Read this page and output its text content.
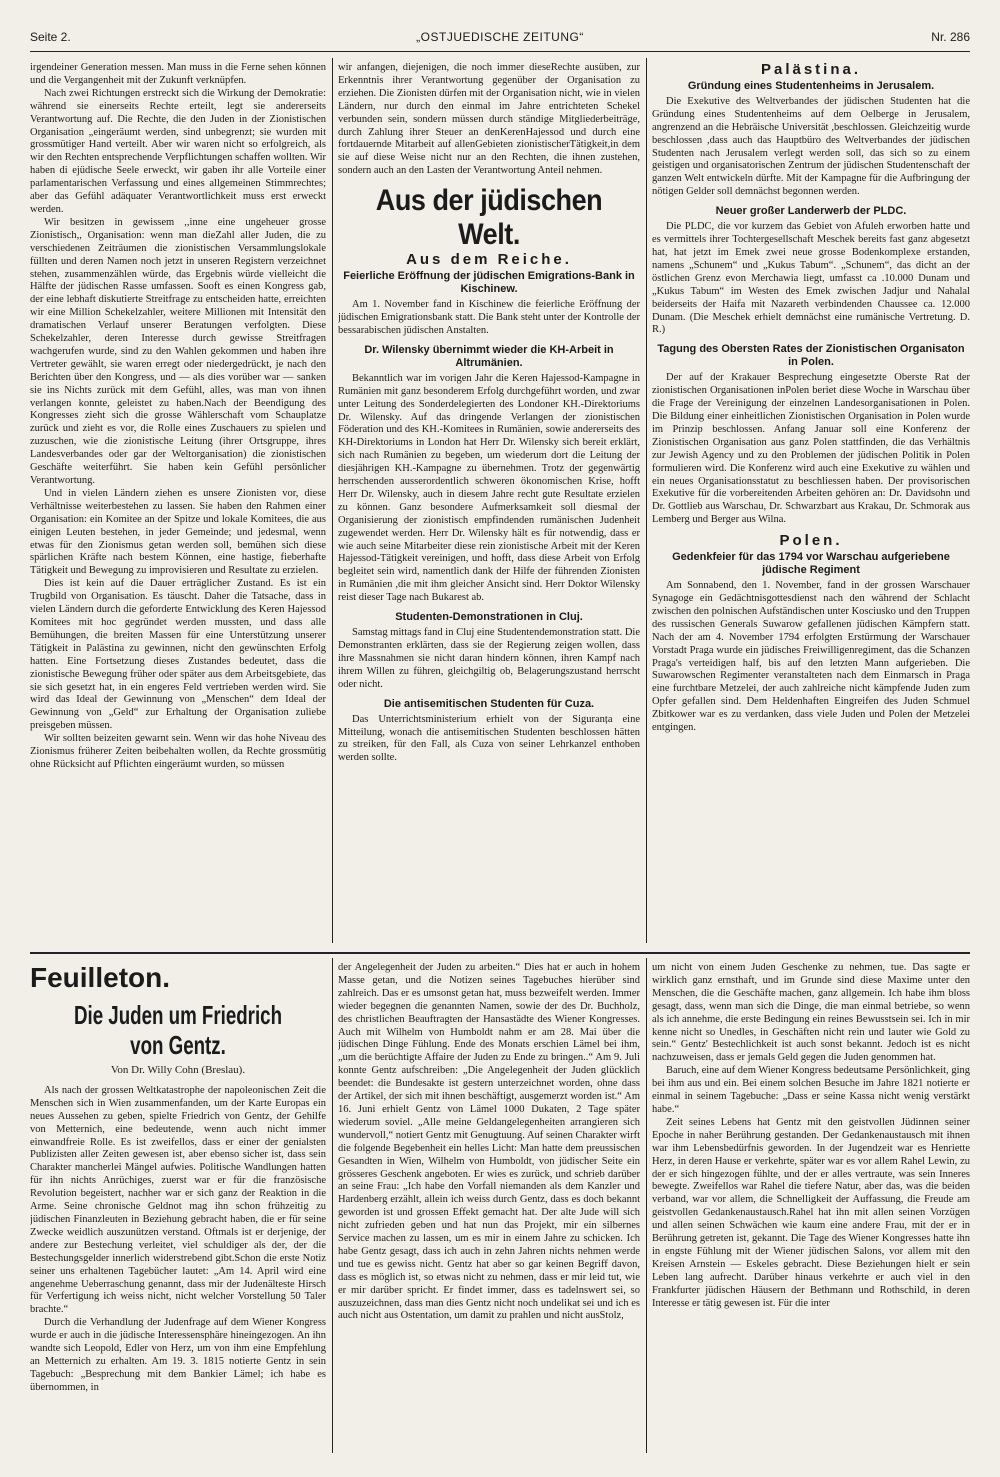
Seite 2.	„OSTJUEDISCHE ZEITUNG“	Nr. 286

irgendeiner Generation messen. Man muss in die Ferne sehen können und die Vergangenheit mit der Zukunft verknüpfen.

Nach zwei Richtungen erstreckt sich die Wirkung der Demokratie: während sie einerseits Rechte erteilt, legt sie andererseits Verantwortung auf. Die Rechte, die den Juden in der Zionistischen Organisation „eingeräumt werden, sind unbegrenzt; sie wurden mit grossmütiger Hand verteilt. Aber wir waren nicht so erfolgreich, als wir den Rechten entsprechende Verpflichtungen schaffen wollten. Wir haben di ejüdische Seele erweckt, wir gaben ihr alle Vorteile einer parlamentarischen Verfassung und eines allgemeinen Stimmrechtes; aber das Gefühl adäquater Verantwortlichkeit muss erst erweckt werden.

Wir besitzen in gewissem ,,inne eine ungeheuer grosse Zionistisch,, Organisation: wenn man dieZahl aller Juden, die zu verschiedenen Zeiträumen die zionistischen Versammlungslokale füllten und deren Namen noch jetzt in unseren Registern verzeichnet stehen, zusammenzählen würde, das Ergebnis würde vielleicht die Hälfte der jüdischen Rasse umfassen. Sooft es einen Kongress gab, der eine lebhaft diskutierte Streitfrage zu entscheiden hatte, erreichten wir eine Million Schekelzahler, weitere Millionen mit Intensität den dramatischen Verlauf unserer Beratungen verfolgten. Diese Schekelzahler, deren Interesse durch gewisse Streitfragen wachgerufen wurde, sind zu den Wahlen gekommen und haben ihre Vertreter gewählt, sie waren erregt oder niedergedrückt, je nach den Berichten über den Kongress, und — als dies vorüber war — sanken sie ins Nichts zurück mit dem Gefühl, alles, was man von ihnen verlangen konnte, geleistet zu haben.Nach der Beendigung des Kongresses zieht sich die grosse Wählerschaft vom Schauplatze zurück und zieht es vor, die Rolle eines Zuschauers zu spielen und zuzuschen, wie die zionistische Leitung (ihrer Ortsgruppe, ihres Landesverbandes oder gar der Weltorganisation) die zionistischen Geschäfte weiterführt. Sie haben kein Gefühl persönlicher Verantwortung.

Und in vielen Ländern ziehen es unsere Zionisten vor, diese Verhältnisse weiterbestehen zu lassen. Sie haben den Rahmen einer Organisation: ein Komitee an der Spitze und lokale Komitees, die aus einigen Leuten bestehen, in jeder Gemeinde; und jedesmal, wenn etwas für den Zionismus getan werden soll, bemühen sich diese spärlichen Kräfte nach bestem Können, eine hastige, fieberhafte Tätigkeit und Bewegung zu improvisieren und Resultate zu erzielen.

Dies ist kein auf die Dauer erträglicher Zustand. Es ist ein Trugbild von Organisation. Es täuscht. Daher die Tatsache, dass in vielen Ländern durch die geforderte Entwicklung des Keren Hajessod Komitees mit hoc gegründet werden mussten, und dass alle Bemühungen, die breiten Massen für eine Unterstützung unserer Tätigkeit in Palästina zu gewinnen, nicht den gewünschten Erfolg hatten. Eine Fortsetzung dieses Zustandes bedeutet, dass die zionistische Bewegung früher oder später aus dem Arbeitsgebiete, das sie sich gesetzt hat, in ein engeres Feld vertrieben werden wird. Sie wird das Ideal der Gewinnung von „Menschen“ dem Ideal der Gewinnung von „Geld“ zur Erhaltung der Organisation zuliebe preisgeben müssen.

Wir sollten beizeiten gewarnt sein. Wenn wir das hohe Niveau des Zionismus früherer Zeiten beibehalten wollen, da Rechte grossmütig ohne Rücksicht auf Pflichten eingeräumt wurden, so müssen

wir anfangen, diejenigen, die noch immer dieseRechte ausüben, zur Erkenntnis ihrer Verantwortung gegenüber der Organisation zu erziehen. Die Zionisten dürfen mit der Organisation nicht, wie in vielen Ländern, nur durch den einmal im Jahre entrichteten Schekel verbunden sein, sondern müssen durch ständige Mitgliederbeiträge, durch Zahlung ihrer Steuer an denKerenHajessod und durch eine fortdauernde Mitarbeit auf allenGebieten zionistischerTätigkeit,in dem sie auf diese Weise nicht nur an den Rechten, die ihnen zustehen, sondern auch an den Lasten der Verantwortung Anteil nehmen.

Aus der jüdischen Welt.
Aus dem Reiche.
Feierliche Eröffnung der jüdischen Emigrations-Bank in Kischinew.

Am 1. November fand in Kischinew die feierliche Eröffnung der jüdischen Emigrationsbank statt. Die Bank steht unter der Kontrolle der bessarabischen jüdischen Anstalten.

Dr. Wilensky übernimmt wieder die KH-Arbeit in Altrumänien.

Bekanntlich war im vorigen Jahr die Keren Hajessod-Kampagne in Rumänien mit ganz besonderem Erfolg durchgeführt worden, und zwar unter Leitung des Sonderdelegierten des Londoner KH.-Direktoriums Dr. Wilensky. Auf das dringende Verlangen der zionistischen Föderation und des KH.-Komitees in Rumänien, sowie andererseits des KH-Direktoriums in London hat Herr Dr. Wilensky sich bereit erklärt, sich nach Rumänien zu begeben, um wiederum dort die Leitung der diesjährigen KH.-Kampagne zu übernehmen. Trotz der gegenwärtig herrschenden ausserordentlich schweren ökonomischen Krise, hofft Herr Dr. Wilensky, auch in diesem Jahre recht gute Resultate erzielen zu können. Ganz besondere Aufmerksamkeit soll diesmal der Organisierung der zionistisch empfindenden rumänischen Judenheit zugewendet werden. Herr Dr. Wilensky hält es für notwendig, dass er wie auch seine Mitarbeiter diese rein zionistische Arbeit mit der Keren Hajessod-Tätigkeit vereinigen, und hofft, dass diese Arbeit von Erfolg begleitet sein wird, namentlich dank der Hilfe der führenden Zionisten in Rumänien ,die mit ihm gleicher Ansicht sind. Herr Doktor Wilensky reist dieser Tage nach Bukarest ab.

Studenten-Demonstrationen in Cluj.

Samstag mittags fand in Cluj eine Studentendemonstration statt. Die Demonstranten erklärten, dass sie der Regierung zeigen wollen, dass ihre Massnahmen sie nicht daran hindern können, ihren Kampf nach ihrem Willen zu führen, gleichgiltig ob, Belagerungszustand herrscht oder nicht.

Die antisemitischen Studenten für Cuza.

Das Unterrichtsministerium erhielt von der Siguranța eine Mitteilung, wonach die antisemitischen Studenten beschlossen hätten zu streiken, für den Fall, als Cuza von seiner Lehrkanzel enthoben werden sollte.

Palästina.
Gründung eines Studentenheims in Jerusalem.

Die Exekutive des Weltverbandes der jüdischen Studenten hat die Gründung eines Studentenheims auf dem Oelberge in Jerusalem, angrenzend an die Hebräische Universität ,beschlossen. Gleichzeitig wurde beschlossen ,dass auch das Hauptbüro des Weltverbandes der jüdischen Studenten nach Jerusalem verlegt werden soll, das sich so zu einem geistigen und organisatorischen Zentrum der jüdischen Studentenschaft der ganzen Welt entwickeln dürfte. Mit der Kampagne für die Aufbringung der nötigen Gelder soll demnächst begonnen werden.

Neuer großer Landerwerb der PLDC.

Die PLDC, die vor kurzem das Gebiet von Afuleh erworben hatte und es vermittels ihrer Tochtergesellschaft Meschek bereits fast ganz abgesetzt hat, hat jetzt im Emek zwei neue grosse Bodenkomplexe erstanden, namens „Schunem“ und „Kukus Tabum“. „Schunem“, das dicht an der östlichen Grenz evon Merchawia liegt, umfasst ca .10.000 Dunam und „Kukus Tabum“ im Westen des Emek zwischen Jadjur und Nahalal beiderseits der Haifa mit Nazareth verbindenden Chaussee ca. 12.000 Dunam. (Die Meschek erhielt demnächst eine rumänische Vertretung. D. R.)

Tagung des Obersten Rates der Zionistischen Organisaton in Polen.

Der auf der Krakauer Besprechung eingesetzte Oberste Rat der zionistischen Organisationen inPolen beriet diese Woche in Warschau über die Frage der Vereinigung der einzelnen Landesorganisationen in Polen. Die Bildung einer einheitlichen Zionistischen Organisation in Polen wurde im Prinzip beschlossen. Anfang Januar soll eine Konferenz der Zionistischen Organisation aus ganz Polen stattfinden, die das Verhältnis zur Jewish Agency und zu den Problemen der jüdischen Politik in Polen formulieren wird. Die Konferenz wird auch eine Exekutive zu wählen und ein neues Organisationsstatut zu beschliessen haben. Der provisorischen Exekutive für die vorbereitenden Arbeiten gehören an: Dr. Davidsohn und Dr. Gottlieb aus Warschau, Dr. Schwarzbart aus Krakau, Dr. Schmorak aus Lemberg und Berger aus Wilna.

Polen.
Gedenkfeier für das 1794 vor Warschau aufgeriebene jüdische Regiment

Am Sonnabend, den 1. November, fand in der grossen Warschauer Synagoge ein Gedächtnisgottesdienst nach den während der Schlacht zwischen den polnischen Aufständischen unter Kosciusko und den Truppen des russischen Generals Suwarow gefallenen jüdischen Kämpfern statt. Nach der am 4. November 1794 erfolgten Erstürmung der Warschauer Vorstadt Praga wurde ein jüdisches Freiwilligenregiment, das die Schanzen Praga's verteidigen half, bis auf den letzten Mann aufgerieben. Die Suwarowschen Regimenter veranstalteten nach dem Einmarsch in Praga eine furchtbare Metzelei, der auch zahlreiche nicht kämpfende Juden zum Opfer gefallen sind. Dem Heldenhaften Eingreifen des Juden Schmuel Zbitkower war es zu verdanken, dass viele Juden und Polen der Metzelei entgingen.

Feuilleton.
Die Juden um Friedrich von Gentz.
Von Dr. Willy Cohn (Breslau).

Als nach der grossen Weltkatastrophe der napoleonischen Zeit die Menschen sich in Wien zusammenfanden, um der Karte Europas ein neues Aussehen zu geben, spielte Friedrich von Gentz, der Gehilfe von Metternich, eine bedeutende, wenn auch nicht immer einwandfreie Rolle. Es ist zweifellos, dass er einer der genialsten Publizisten aller Zeiten gewesen ist, aber ebenso sicher ist, dass sein Charakter mancherlei Mängel aufwies. Politische Wandlungen hatten für ihn nichts Anrüchiges, zuerst war er für die französische Revolution begeistert, nachher war er sich ganz der Reaktion in die Arme. Seine chronische Geldnot mag ihn schon frühzeitig zu jüdischen Finanzleuten in Beziehung gebracht haben, die er für seine Zwecke weidlich auszunützen verstand. Oftmals ist er derjenige, der andere zur Bestechung verleitet, viel schuldiger als der, der die Bestechungsgelder innerlich widerstrebend gibt.Schon die erste Notiz seiner uns erhaltenen Tagebücher lautet: „Am 14. April wird eine angenehme Ueberraschung genannt, dass mir der Judenälteste Hirsch für Verfertigung ich weiss nicht, nicht welcher Vorstellung 50 Taler brachte.“

Durch die Verhandlung der Judenfrage auf dem Wiener Kongress wurde er auch in die jüdische Interessensphäre hineingezogen. An ihn wandte sich Leopold, Edler von Herz, um von ihm eine Empfehlung an Metternich zu erhalten. Am 19. 3. 1815 notierte Gentz in sein Tagebuch: „Besprechung mit dem Bankier Lämel; ich habe es übernommen, in

der Angelegenheit der Juden zu arbeiten.“ Dies hat er auch in hohem Masse getan, und die Notizen seines Tagebuches hierüber sind zahlreich. Das er es umsonst getan hat, muss bezweifelt werden. Immer wieder begegnen die genannten Namen, sowie der des Dr. Buchholz, des christlichen Beauftragten der Hansastädte des Wiener Kongresses. Auch mit Wilhelm von Humboldt nahm er am 28. Mai über die jüdischen Dinge Fühlung. Ende des Monats erschien Lämel bei ihm, „um die berüchtigte Affaire der Juden zu Ende zu bringen..“ Am 9. Juli konnte Gentz aufschreiben: „Die Angelegenheit der Juden glücklich beendet: die Bundesakte ist gestern unterzeichnet worden, ohne dass der Artikel, der sich mit ihnen beschäftigt, ausgemerzt worden ist.“ Am 16. Juni erhielt Gentz von Lämel 1000 Dukaten, 2 Tage später wiederum soviel. „Alle meine Geldangelegenheiten arrangieren sich wundervoll,“ notiert Gentz mit Genugtuung. Auf seinen Charakter wirft die folgende Begebenheit ein helles Licht: Man hatte dem preussischen Gesandten in Wien, Wilhelm von Humboldt, von jüdischer Seite ein grösseres Geschenk angeboten. Er wies es zurück, und schrieb darüber an seine Frau: „Ich habe den Vorfall niemanden als dem Kanzler und Hardenberg erzählt, allein ich weiss durch Gentz, dass es doch bekannt geworden ist und grossen Effekt gemacht hat. Der alte Jude will sich nicht zufrieden geben und hat nun das Projekt, mir ein silbernes Service machen zu lassen, um es mir in einem Jahre zu schicken. Ich habe Gentz gesagt, dass ich auch in zehn Jahren nichts nehmen werde und tue es gewiss nicht. Gentz hat aber so gar keinen Begriff davon, dass es möglich ist, so etwas nicht zu nehmen, dass er mir leid tut, wie er mir darüber spricht. Er findet immer, dass es tadelnswert sei, so auszuzeichnen, dass man dies Gentz nicht noch undelikat sei und ich es auch nicht aus Ostentation, um damit zu prahlen und nicht ausStolz,

um nicht von einem Juden Geschenke zu nehmen, tue. Das sagte er wirklich ganz ernsthaft, und im Grunde sind diese Maxime unter den Menschen, die die Geschäfte machen, ganz allgemein. Ich habe ihm bloss gesagt, dass, wenn man sich die Dinge, die man einmal betriebe, so wenn als ich annehme, die erste Bedingung ein reines Bewusstsein sei. Ich in mir kenne nicht so Unedles, in Geschäften nicht rein und lauter wie Gold zu sein.“ Gentz' Bestechlichkeit ist auch sonst bekannt. Jedoch ist es nicht nachzuweisen, dass er jemals Geld gegen die Juden genommen hat.

Baruch, eine auf dem Wiener Kongress bedeutsame Persönlichkeit, ging bei ihm aus und ein. Bei einem solchen Besuche im Jahre 1821 notierte er einmal in seinem Tagebuche: „Dass er seine Kassa nicht wenig verstärkt habe.“

Zeit seines Lebens hat Gentz mit den geistvollen Jüdinnen seiner Epoche in naher Berührung gestanden. Der Gedankenaustausch mit ihnen war ihm Lebensbedürfnis geworden. In der Jugendzeit war es Henriette Herz, in deren Hause er verkehrte, später war es vor allem Rahel Lewin, zu der er sich hingezogen fühlte, und der er alles vertraute, was sein Inneres bewegte. Zweifellos war Rahel die tiefere Natur, aber das, was die beiden verband, war vor allem, die Schnelligkeit der Auffassung, die Freude am geistvollen Gedankenaustausch.Rahel hat ihn mit allen seinen Vorzügen und allen seinen Schwächen wie kaum eine andere Frau, mit der er in Berührung getreten ist, gekannt. Die Tage des Wiener Kongresses hatte ihn in engste Fühlung mit der Wiener jüdischen Salons, vor allem mit den Kreisen Arnstein — Eskeles gebracht. Diese Beziehungen hielt er sein Leben lang aufrecht. Darüber hinaus verkehrte er auch viel in den Frankfurter jüdischen Häusern der Bethmann und Rothschild, in deren Interesse er tätig gewesen ist. Für die inter
